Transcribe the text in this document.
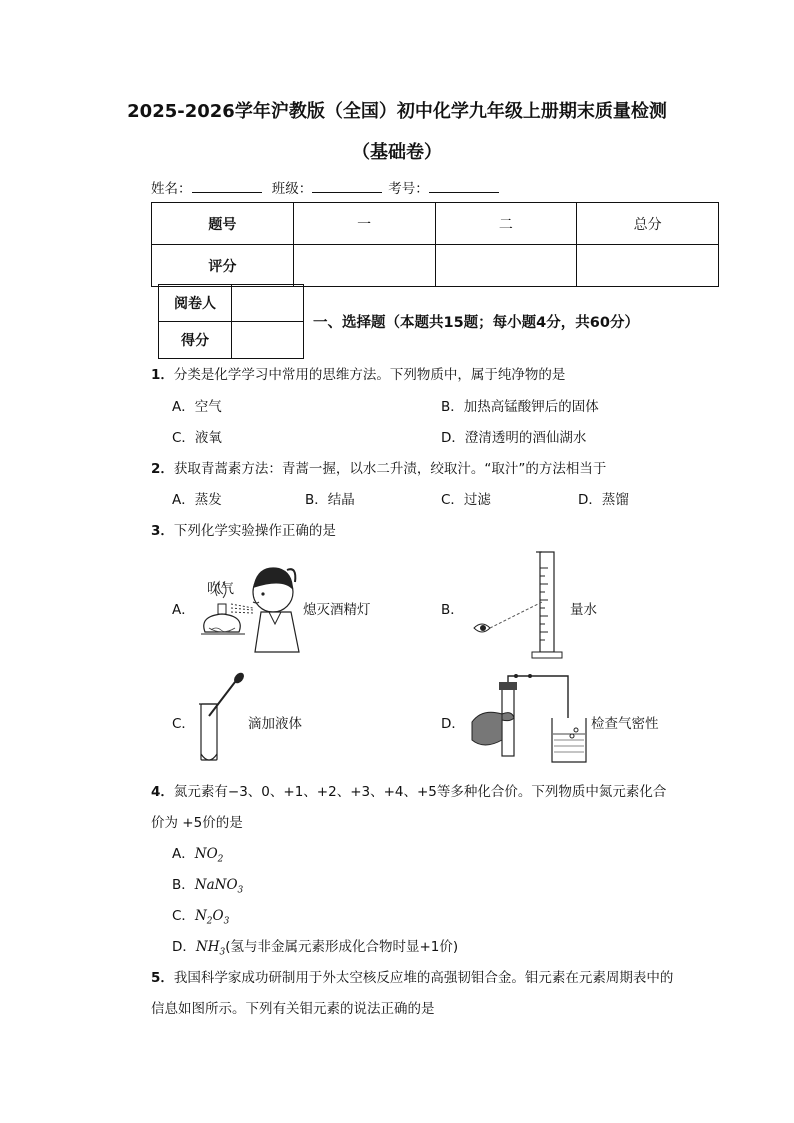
2025-2026学年沪教版（全国）初中化学九年级上册期末质量检测
（基础卷）
姓名：	班级：	考号：
题号	一	二	总分
评分			
阅卷人	
得分	
一、选择题（本题共15题；每小题4分，共60分）
1．分类是化学学习中常用的思维方法。下列物质中，属于纯净物的是
A．空气	B．加热高锰酸钾后的固体
C．液氧	D．澄清透明的酒仙湖水
2．获取青蒿素方法：青蒿一握，以水二升渍，绞取汁。“取汁”的方法相当于
A．蒸发	B．结晶	C．过滤	D．蒸馏
3．下列化学实验操作正确的是
A．
吹气
熄灭酒精灯	B．	量水
C．	滴加液体	D．	检查气密性
4．氮元素有−3、0、+1、+2、+3、+4、+5等多种化合价。下列物质中氮元素化合
价为 +5价的是
A．$NO_2$
B．NaNO$_3$
C．$N_2O_3$
D．$NH_3$(氢与非金属元素形成化合物时显+1价)
5．我国科学家成功研制用于外太空核反应堆的高强韧钼合金。钼元素在元素周期表中的
信息如图所示。下列有关钼元素的说法正确的是
